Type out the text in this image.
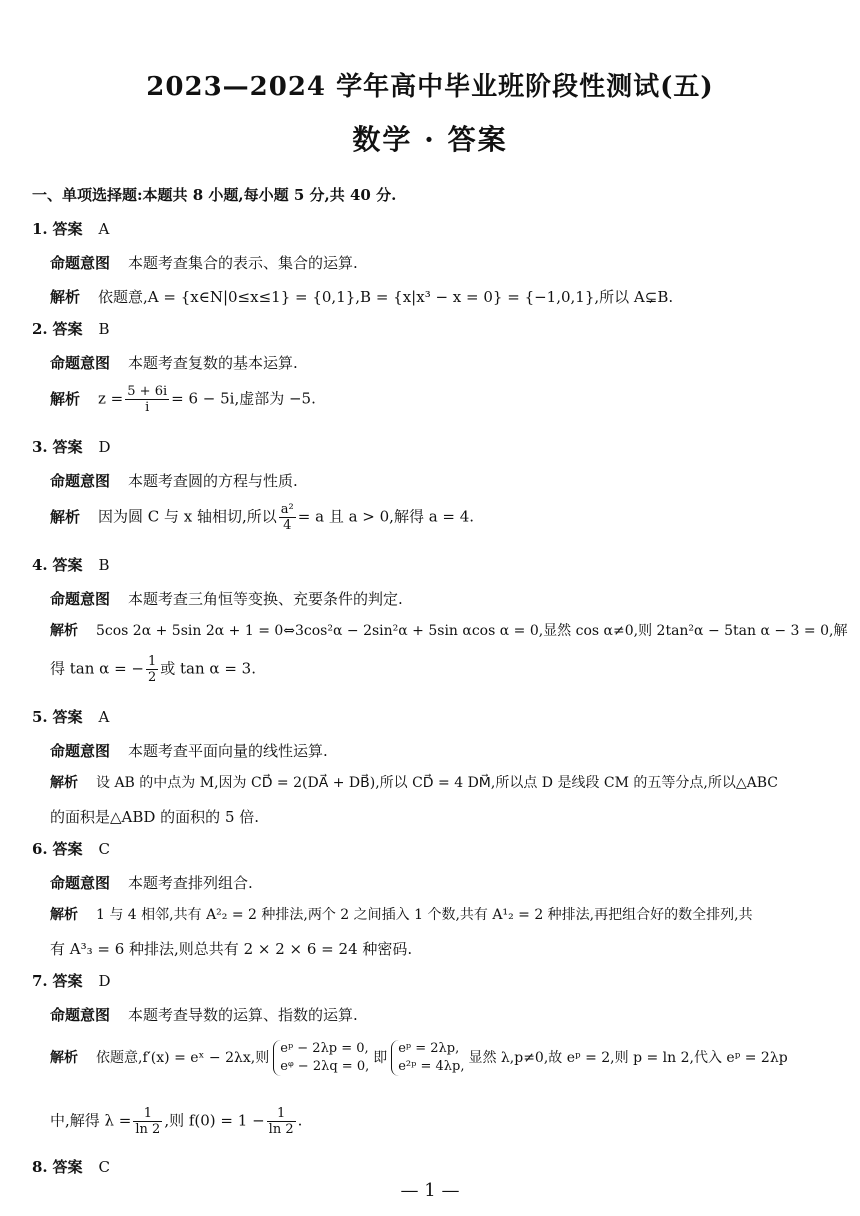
2023—2024 学年高中毕业班阶段性测试(五)
数学 · 答案
一、单项选择题:本题共 8 小题,每小题 5 分,共 40 分.
1. 答案 A
命题意图 本题考查集合的表示、集合的运算.
解析 依题意,A = {x∈N|0≤x≤1} = {0,1},B = {x|x³ − x = 0} = {−1,0,1},所以 A⊊B.
2. 答案 B
命题意图 本题考查复数的基本运算.
解析 $z = \frac{5 + 6i}{i} = 6 - 5i$,虚部为 −5.
3. 答案 D
命题意图 本题考查圆的方程与性质.
解析 因为圆 C 与 x 轴相切,所以 $\frac{\text{a²}}{4} = a$ 且 a > 0,解得 a = 4.
4. 答案 B
命题意图 本题考查三角恒等变换、充要条件的判定.
解析 5cos 2α + 5sin 2α + 1 = 0⇔3cos²α − 2sin²α + 5sin αcos α = 0,显然 cos α≠0,则 2tan²α − 5tan α − 3 = 0,解
得 tan α = − $\frac{1}{2}$ 或 tan α = 3.
5. 答案 A
命题意图 本题考查平面向量的线性运算.
解析 设 AB 的中点为 M,因为 CD⃗ = 2(DA⃗ + DB⃗),所以 CD⃗ = 4 DM⃗,所以点 D 是线段 CM 的五等分点,所以△ABC
的面积是△ABD 的面积的 5 倍.
6. 答案 C
命题意图 本题考查排列组合.
解析 1 与 4 相邻,共有 A²₂ = 2 种排法,两个 2 之间插入 1 个数,共有 A¹₂ = 2 种排法,再把组合好的数全排列,共
有 A³₃ = 6 种排法,则总共有 2 × 2 × 6 = 24 种密码.
7. 答案 D
命题意图 本题考查导数的运算、指数的运算.
解析 依题意,f′(x) = eˣ − 2λx,则
eᵖ − 2λp = 0,
eᵠ − 2λq = 0,
即
eᵖ = 2λp,
e²ᵖ = 4λp,
显然 λ,p≠0,故 eᵖ = 2,则 p = ln 2,代入 eᵖ = 2λp
中,解得 $\lambda = \frac{1}{\ln 2}$ ,则 $f(0) = 1 - \frac{1}{\ln 2}$ .
8. 答案 C
— 1 —
